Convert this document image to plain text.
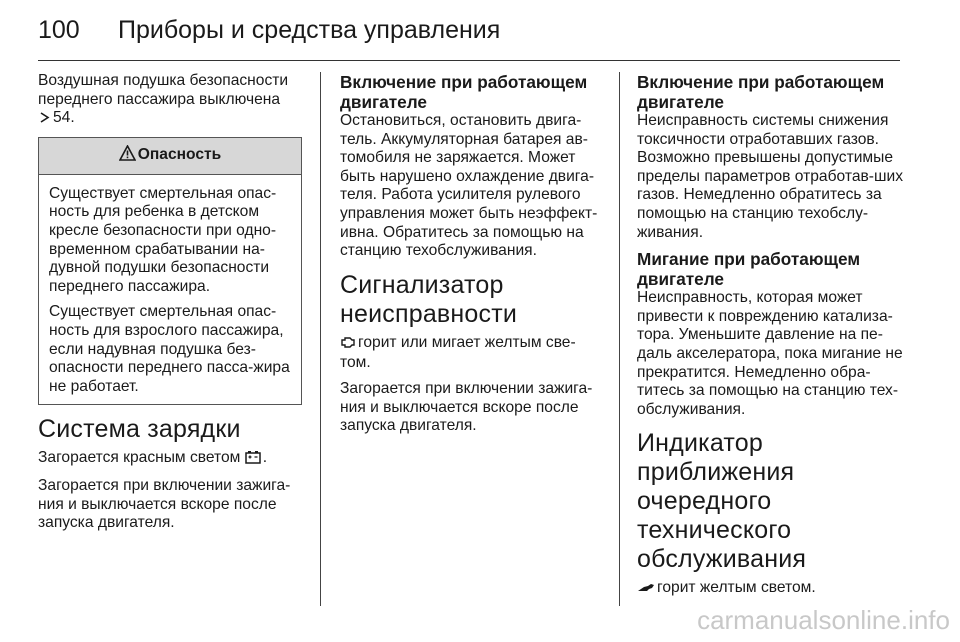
100 Приборы и средства управления

Воздушная подушка безопасности
переднего пассажира выключена
54.

Опасность

Существует смертельная опас-ность для ребенка в детском кресле безопасности при одно-временном срабатывании на-дувной подушки безопасности переднего пассажира.

Существует смертельная опас-ность для взрослого пассажира, если надувная подушка без-опасности переднего пасса-жира не работает.

Система зарядки

Загорается красным светом .

Загорается при включении зажига-ния и выключается вскоре после запуска двигателя.

Включение при работающем двигателе

Остановиться, остановить двига-тель. Аккумуляторная батарея ав-томобиля не заряжается. Может быть нарушено охлаждение двига-теля. Работа усилителя рулевого управления может быть неэффект-ивна. Обратитесь за помощью на станцию техобслуживания.

Сигнализатор неисправности

горит или мигает желтым све-том.

Загорается при включении зажига-ния и выключается вскоре после запуска двигателя.

Включение при работающем двигателе

Неисправность системы снижения токсичности отработавших газов. Возможно превышены допустимые пределы параметров отработав-ших газов. Немедленно обратитесь за помощью на станцию техобслу-живания.

Мигание при работающем двигателе

Неисправность, которая может привести к повреждению катализа-тора. Уменьшите давление на пе-даль акселератора, пока мигание не прекратится. Немедленно обра-титесь за помощью на станцию тех-обслуживания.

Индикатор приближения очередного технического обслуживания

горит желтым светом.

carmanualsonline.info
